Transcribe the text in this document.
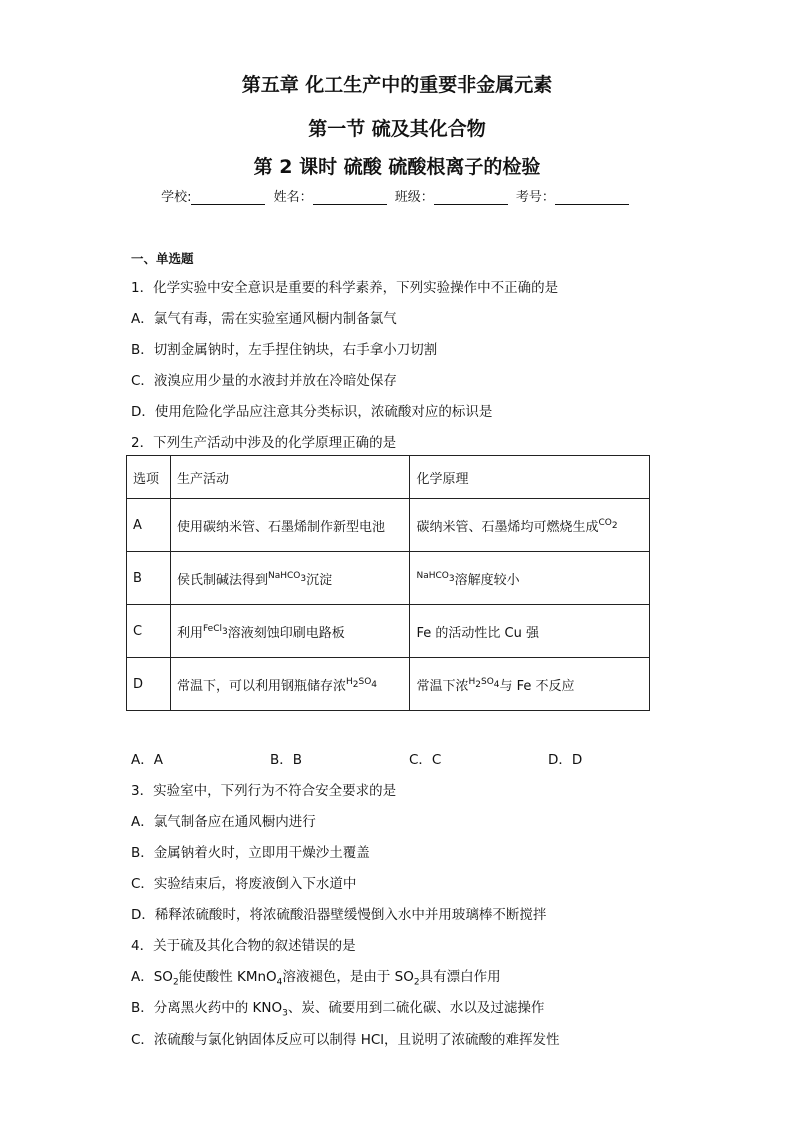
第五章 化工生产中的重要非金属元素
第一节 硫及其化合物
第 2 课时 硫酸 硫酸根离子的检验
学校:	姓名：	班级：	考号：
一、单选题
1．化学实验中安全意识是重要的科学素养，下列实验操作中不正确的是
A．氯气有毒，需在实验室通风橱内制备氯气
B．切割金属钠时，左手捏住钠块，右手拿小刀切割
C．液溴应用少量的水液封并放在冷暗处保存
D．使用危险化学品应注意其分类标识，浓硫酸对应的标识是
2．下列生产活动中涉及的化学原理正确的是
选项	生产活动	化学原理
A	使用碳纳米管、石墨烯制作新型电池	碳纳米管、石墨烯均可燃烧生成$^{CO_2}$
B	侯氏制碱法得到$^{NaHCO_3}$沉淀	$^{NaHCO_3}$溶解度较小
C	利用$^{FeCl_3}$溶液刻蚀印刷电路板	Fe 的活动性比 Cu 强
D	常温下，可以利用钢瓶储存浓$^{H_2SO_4}$	常温下浓$^{H_2SO_4}$与 Fe 不反应
A．A	B．B	C．C	D．D
3．实验室中，下列行为不符合安全要求的是
A．氯气制备应在通风橱内进行
B．金属钠着火时，立即用干燥沙土覆盖
C．实验结束后，将废液倒入下水道中
D．稀释浓硫酸时，将浓硫酸沿器壁缓慢倒入水中并用玻璃棒不断搅拌
4．关于硫及其化合物的叙述错误的是
A．$SO_2$能使酸性 KMnO$_4$溶液褪色，是由于 $SO_2$具有漂白作用
B．分离黑火药中的 $KNO_3$、炭、硫要用到二硫化碳、水以及过滤操作
C．浓硫酸与氯化钠固体反应可以制得 HCl，且说明了浓硫酸的难挥发性
